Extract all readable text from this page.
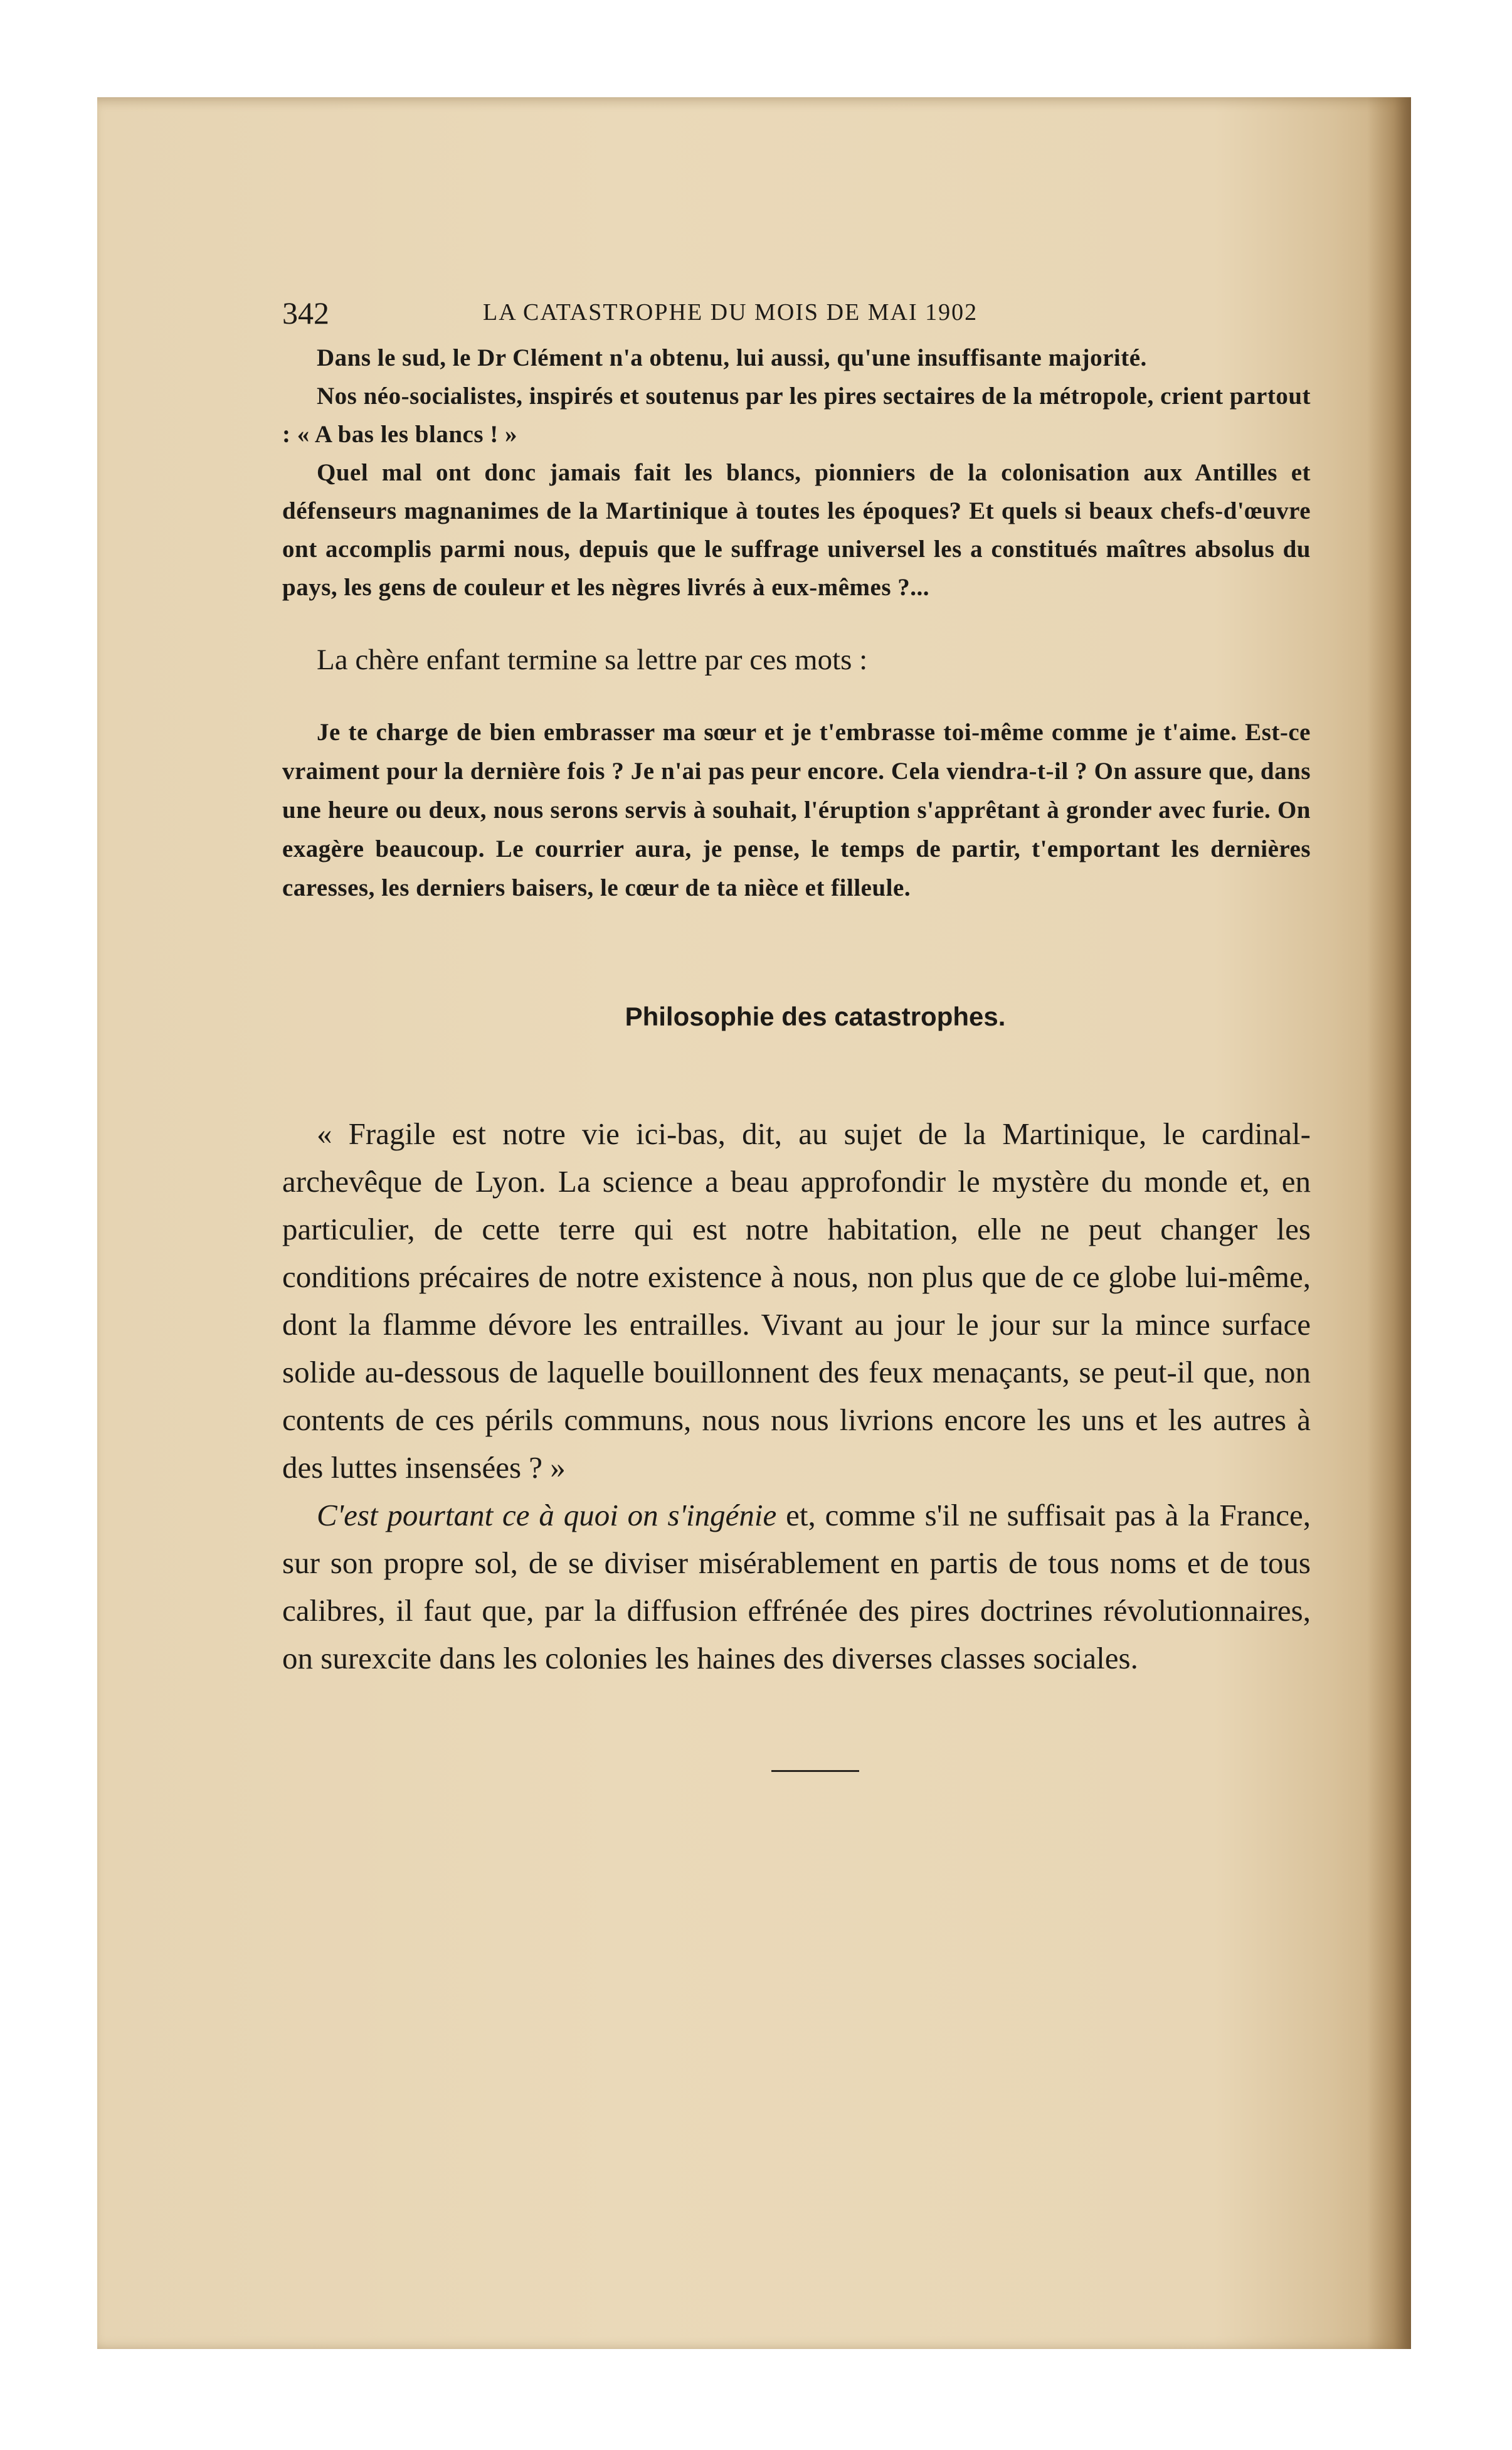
342	LA CATASTROPHE DU MOIS DE MAI 1902

Dans le sud, le Dr Clément n'a obtenu, lui aussi, qu'une insuffisante majorité.

Nos néo-socialistes, inspirés et soutenus par les pires sectaires de la métropole, crient partout : « A bas les blancs ! »

Quel mal ont donc jamais fait les blancs, pionniers de la colonisation aux Antilles et défenseurs magnanimes de la Martinique à toutes les époques? Et quels si beaux chefs-d'œuvre ont accomplis parmi nous, depuis que le suffrage universel les a constitués maîtres absolus du pays, les gens de couleur et les nègres livrés à eux-mêmes ?...

La chère enfant termine sa lettre par ces mots :

Je te charge de bien embrasser ma sœur et je t'embrasse toi-même comme je t'aime. Est-ce vraiment pour la dernière fois ? Je n'ai pas peur encore. Cela viendra-t-il ? On assure que, dans une heure ou deux, nous serons servis à souhait, l'éruption s'apprêtant à gronder avec furie. On exagère beaucoup. Le courrier aura, je pense, le temps de partir, t'emportant les dernières caresses, les derniers baisers, le cœur de ta nièce et filleule.

Philosophie des catastrophes.

« Fragile est notre vie ici-bas, dit, au sujet de la Martinique, le cardinal-archevêque de Lyon. La science a beau approfondir le mystère du monde et, en particulier, de cette terre qui est notre habitation, elle ne peut changer les conditions précaires de notre existence à nous, non plus que de ce globe lui-même, dont la flamme dévore les entrailles. Vivant au jour le jour sur la mince surface solide au-dessous de laquelle bouillonnent des feux menaçants, se peut-il que, non contents de ces périls communs, nous nous livrions encore les uns et les autres à des luttes insensées ? »

C'est pourtant ce à quoi on s'ingénie et, comme s'il ne suffisait pas à la France, sur son propre sol, de se diviser misérablement en partis de tous noms et de tous calibres, il faut que, par la diffusion effrénée des pires doctrines révolutionnaires, on surexcite dans les colonies les haines des diverses classes sociales.
